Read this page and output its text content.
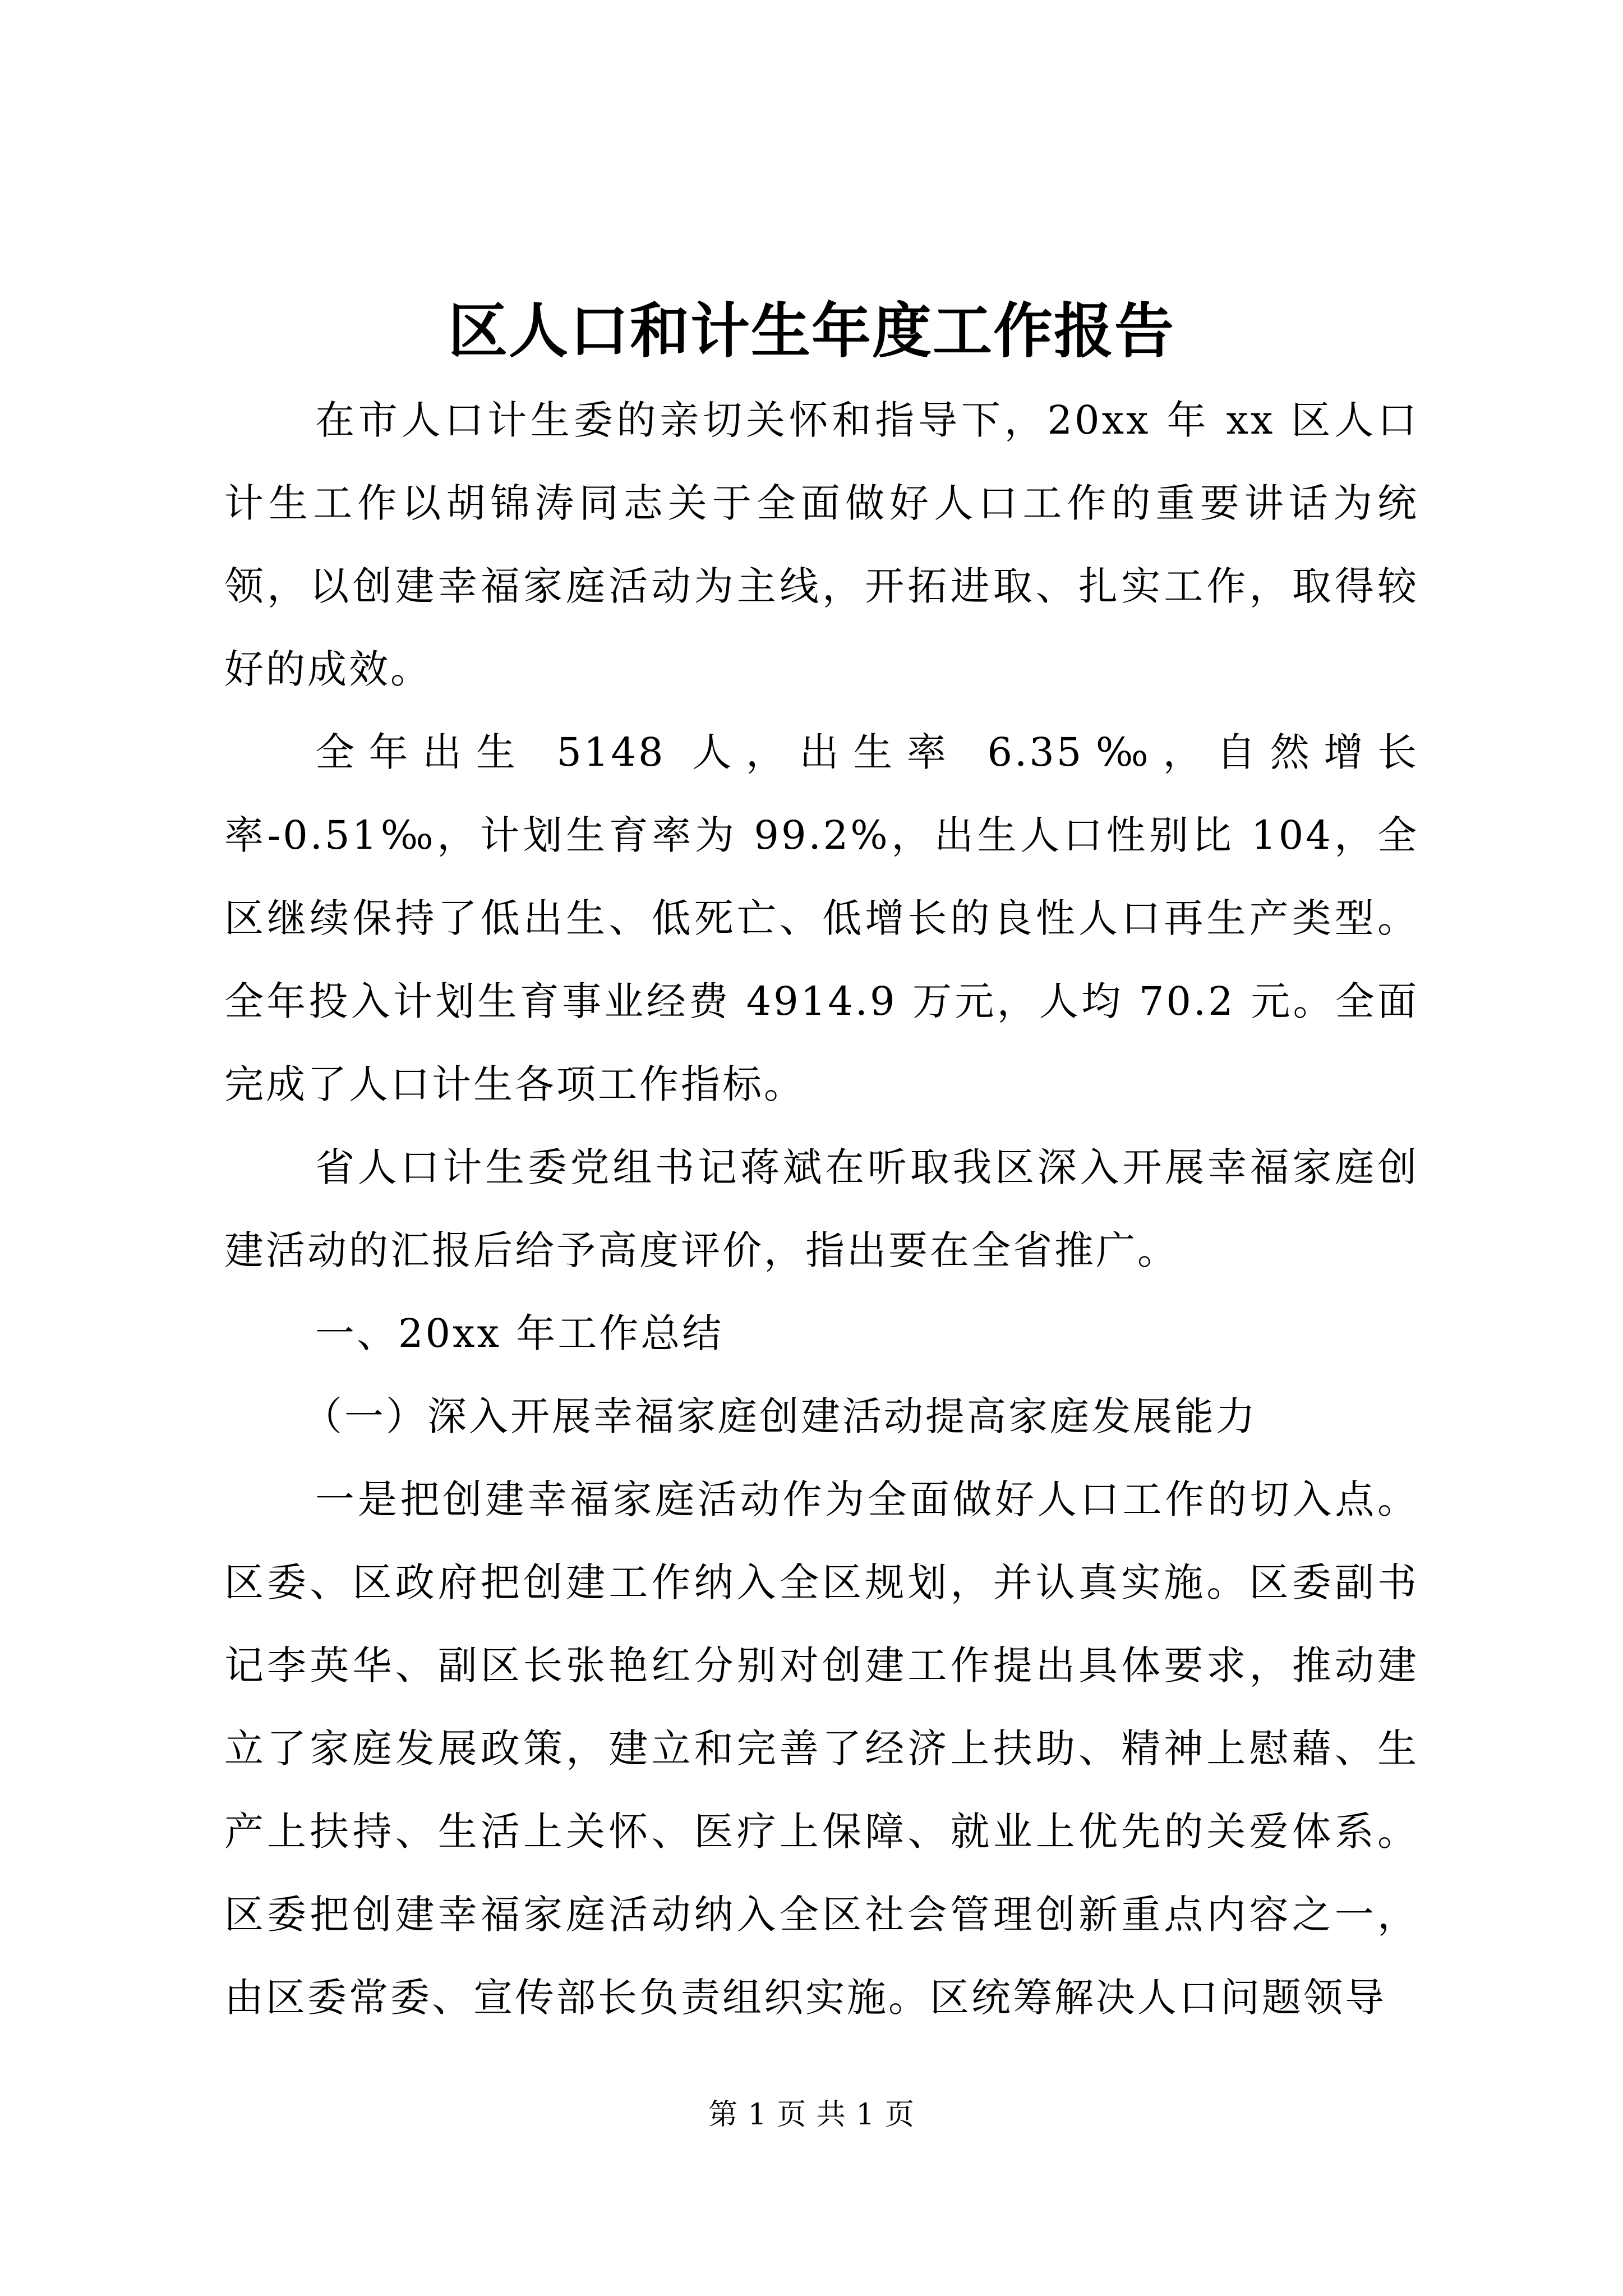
区人口和计生年度工作报告

在市人口计生委的亲切关怀和指导下，20xx 年 xx 区人口计生工作以胡锦涛同志关于全面做好人口工作的重要讲话为统领，以创建幸福家庭活动为主线，开拓进取、扎实工作，取得较好的成效。

全年出生 5148 人，出生率 6.35‰，自然增长率-0.51‰，计划生育率为 99.2%，出生人口性别比 104，全区继续保持了低出生、低死亡、低增长的良性人口再生产类型。全年投入计划生育事业经费 4914.9 万元，人均 70.2 元。全面完成了人口计生各项工作指标。

省人口计生委党组书记蒋斌在听取我区深入开展幸福家庭创建活动的汇报后给予高度评价，指出要在全省推广。

一、20xx 年工作总结

（一）深入开展幸福家庭创建活动提高家庭发展能力

一是把创建幸福家庭活动作为全面做好人口工作的切入点。区委、区政府把创建工作纳入全区规划，并认真实施。区委副书记李英华、副区长张艳红分别对创建工作提出具体要求，推动建立了家庭发展政策，建立和完善了经济上扶助、精神上慰藉、生产上扶持、生活上关怀、医疗上保障、就业上优先的关爱体系。区委把创建幸福家庭活动纳入全区社会管理创新重点内容之一，由区委常委、宣传部长负责组织实施。区统筹解决人口问题领导

第 1 页 共 1 页
